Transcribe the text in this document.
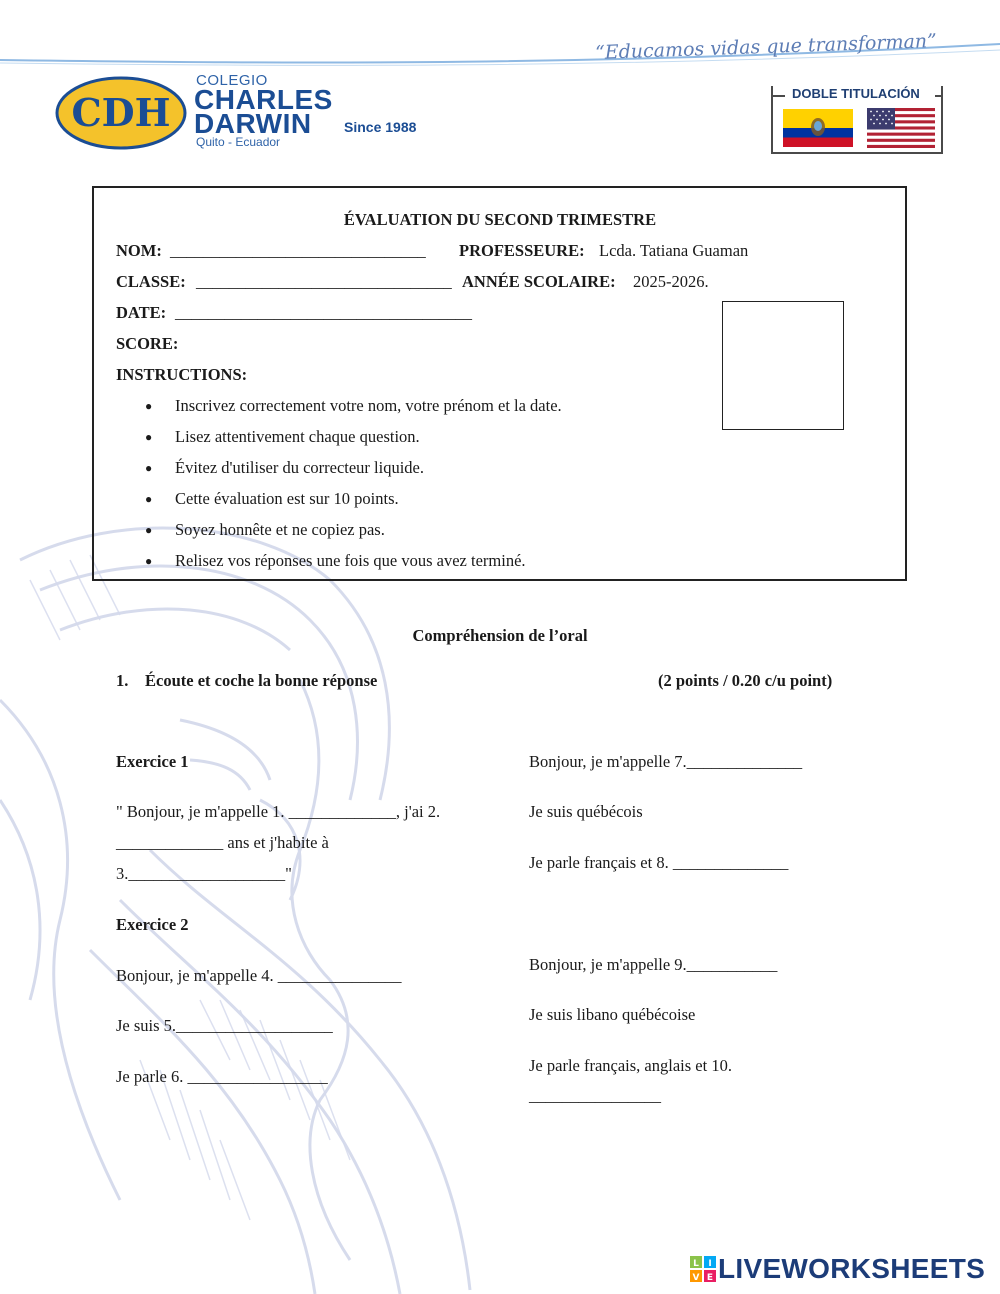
“Educamos vidas que transforman”
CDH
COLEGIO
CHARLES
DARWIN Since 1988
Quito - Ecuador
DOBLE TITULACIÓN
ÉVALUATION DU SECOND TRIMESTRE
NOM: _______________________________ PROFESSEURE: Lcda. Tatiana Guaman
CLASSE: _______________________________ ANNÉE SCOLAIRE: 2025-2026.
DATE: ____________________________________
SCORE:
INSTRUCTIONS:
● Inscrivez correctement votre nom, votre prénom et la date.
● Lisez attentivement chaque question.
● Évitez d'utiliser du correcteur liquide.
● Cette évaluation est sur 10 points.
● Soyez honnête et ne copiez pas.
● Relisez vos réponses une fois que vous avez terminé.
Compréhension de l’oral
1. Écoute et coche la bonne réponse	(2 points / 0.20 c/u point)
Exercice 1
" Bonjour, je m'appelle 1. _____________, j'ai 2.
_____________ ans et j'habite à
3.___________________"
Exercice 2
Bonjour, je m'appelle 4. _______________
Je suis 5.___________________
Je parle 6. _________________
Bonjour, je m'appelle 7.______________
Je suis québécois
Je parle français et 8. ______________
Bonjour, je m'appelle 9.___________
Je suis libano québécoise
Je parle français, anglais et 10.
________________
L I
V E LIVEWORKSHEETS
